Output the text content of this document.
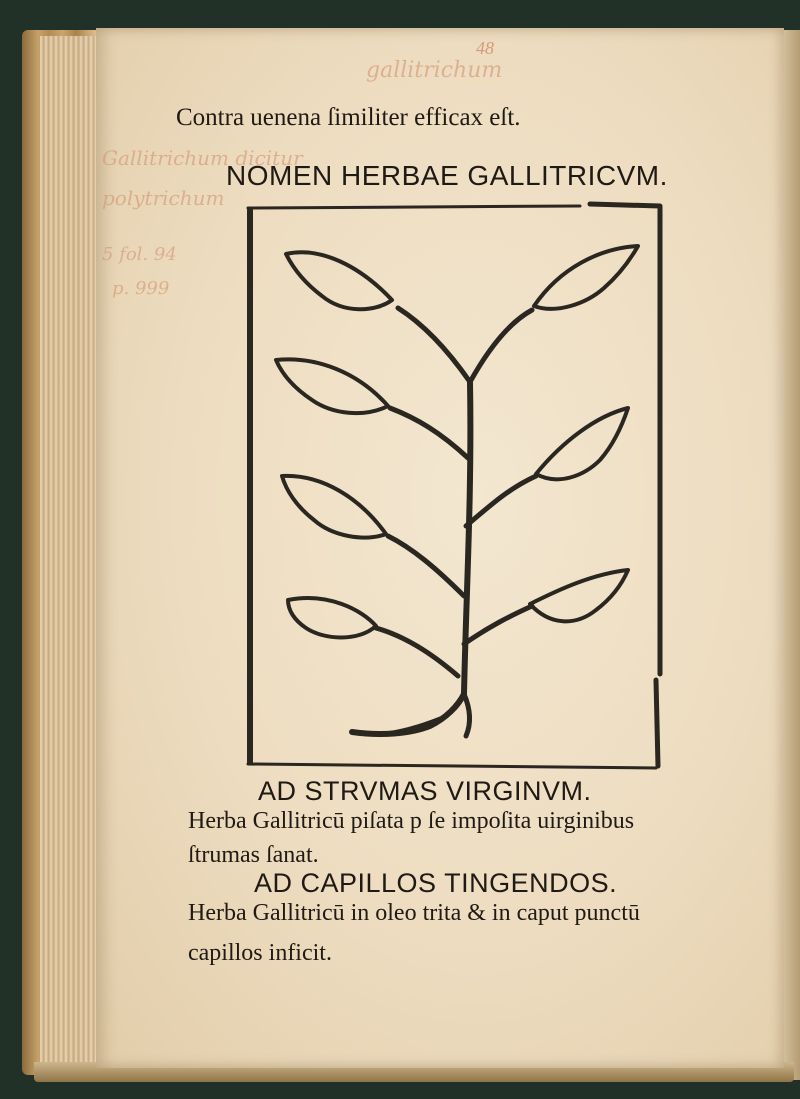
48
gallitrichum
Gallitrichum dicitur
polytrichum
5 fol. 94
p. 999
Contra uenena ſimiliter efficax eſt.
NOMEN HERBAE GALLITRICVM.
AD STRVMAS VIRGINVM.
Herba Gallitricū piſata p ſe impoſita uirginibus
ſtrumas ſanat.
AD CAPILLOS TINGENDOS.
Herba Gallitricū in oleo trita & in caput punctū
capillos inficit.
